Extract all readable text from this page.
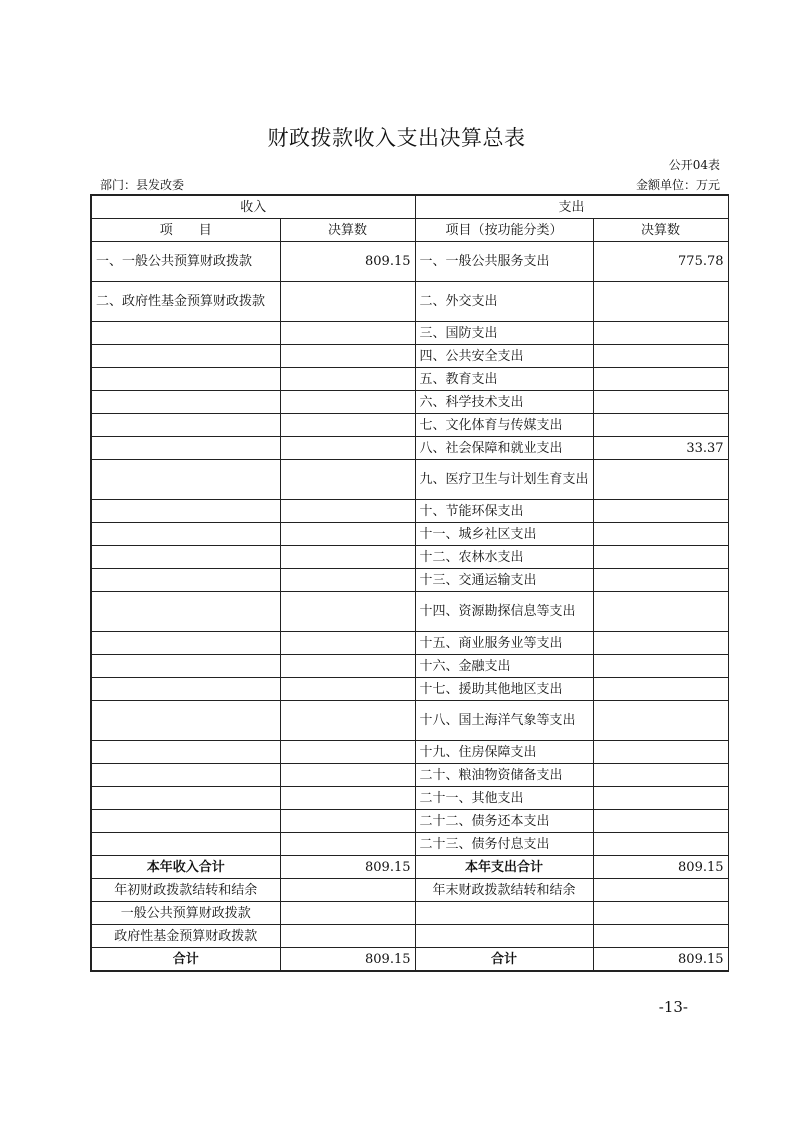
财政拨款收入支出决算总表
公开04表
部门：县发改委	金额单位：万元
收入		支出	
项　　目	决算数	项目（按功能分类）	决算数
一、一般公共预算财政拨款	809.15	一、一般公共服务支出	775.78
二、政府性基金预算财政拨款		二、外交支出	
		三、国防支出	
		四、公共安全支出	
		五、教育支出	
		六、科学技术支出	
		七、文化体育与传媒支出	
		八、社会保障和就业支出	33.37
		九、医疗卫生与计划生育支出	
		十、节能环保支出	
		十一、城乡社区支出	
		十二、农林水支出	
		十三、交通运输支出	
		十四、资源勘探信息等支出	
		十五、商业服务业等支出	
		十六、金融支出	
		十七、援助其他地区支出	
		十八、国土海洋气象等支出	
		十九、住房保障支出	
		二十、粮油物资储备支出	
		二十一、其他支出	
		二十二、债务还本支出	
		二十三、债务付息支出	
本年收入合计	809.15	本年支出合计	809.15
年初财政拨款结转和结余		年末财政拨款结转和结余	
一般公共预算财政拨款			
政府性基金预算财政拨款			
合计	809.15	合计	809.15
-13-
